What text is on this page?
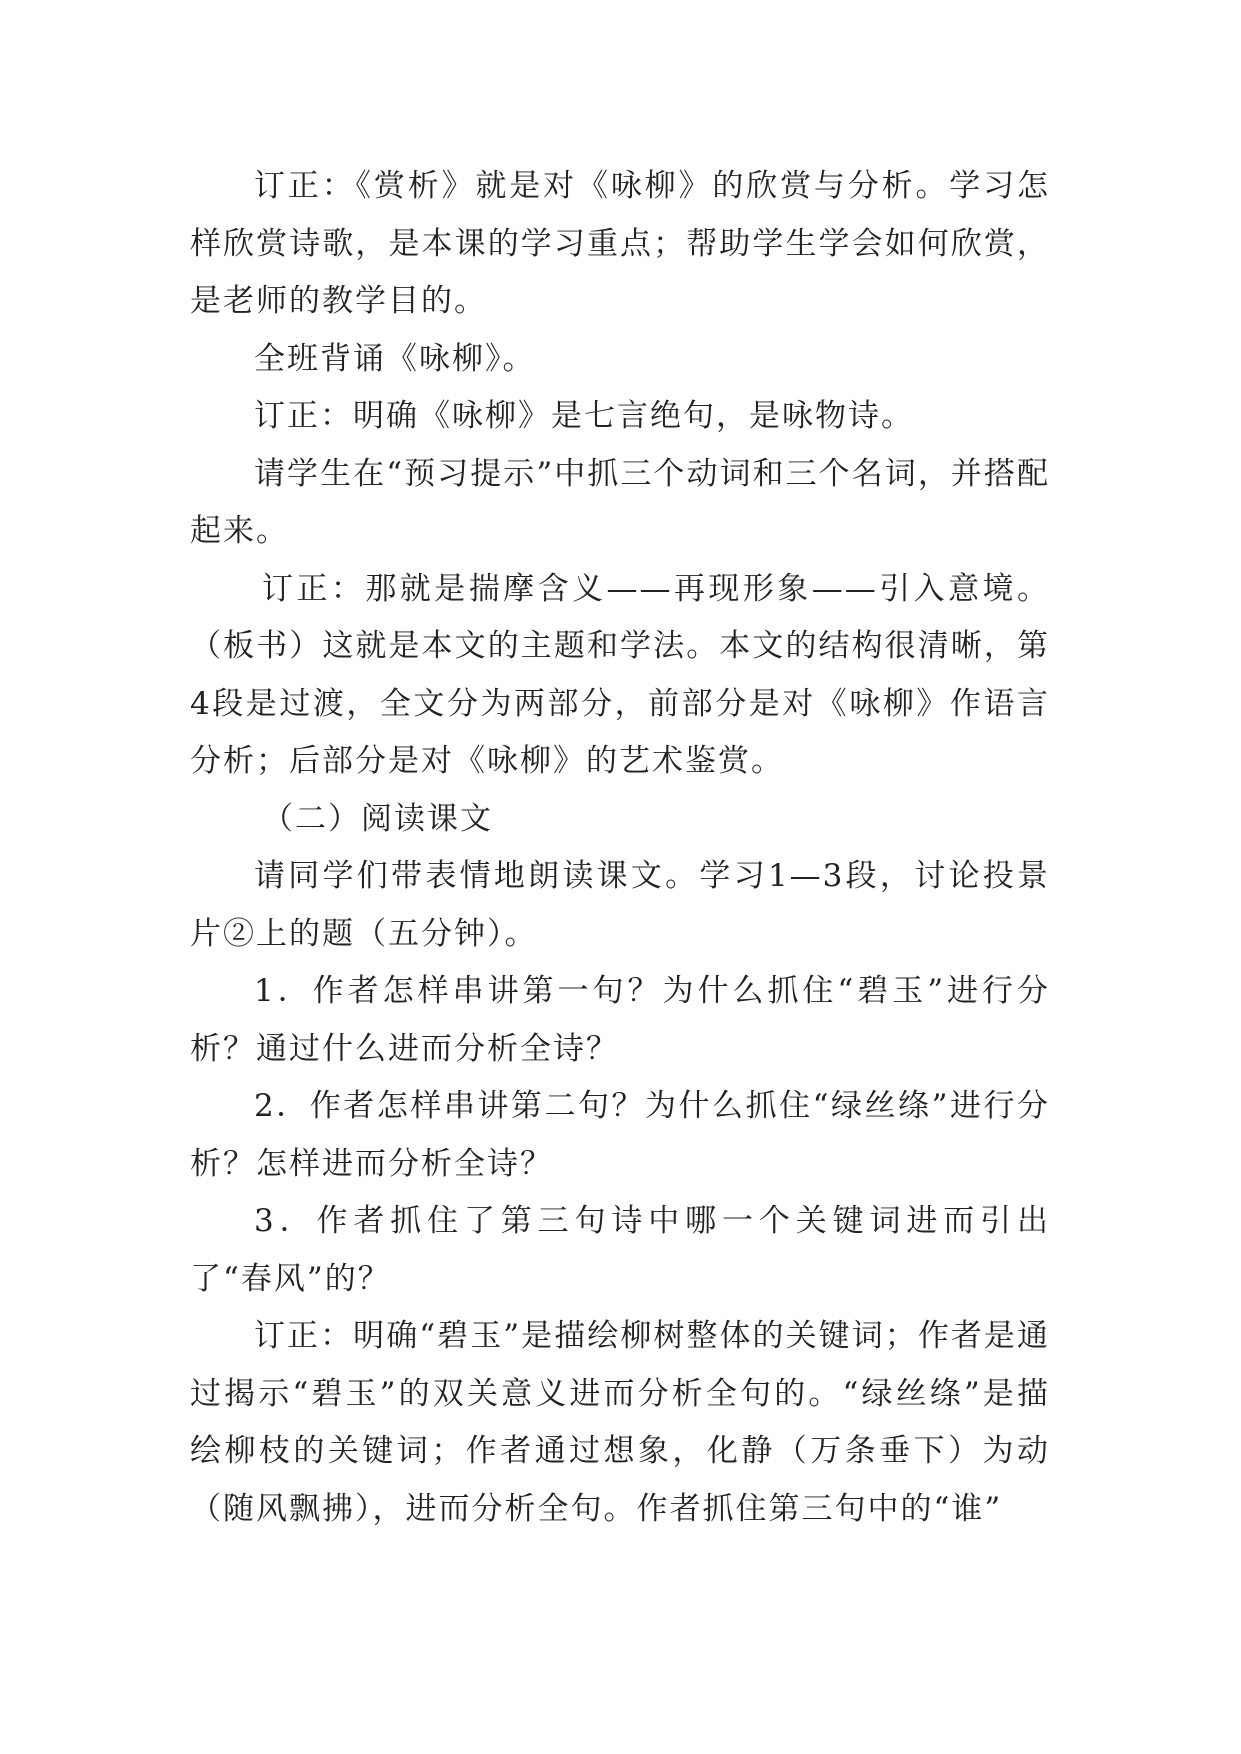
订正：《赏析》就是对《咏柳》的欣赏与分析。学习怎样欣赏诗歌，是本课的学习重点；帮助学生学会如何欣赏，是老师的教学目的。

全班背诵《咏柳》。

订正：明确《咏柳》是七言绝句，是咏物诗。

请学生在“预习提示”中抓三个动词和三个名词，并搭配起来。

订正：那就是揣摩含义——再现形象——引入意境。（板书）这就是本文的主题和学法。本文的结构很清晰，第4段是过渡，全文分为两部分，前部分是对《咏柳》作语言分析；后部分是对《咏柳》的艺术鉴赏。

（二）阅读课文

请同学们带表情地朗读课文。学习1—3段，讨论投景片②上的题（五分钟）。

1．作者怎样串讲第一句？为什么抓住“碧玉”进行分析？通过什么进而分析全诗？

2．作者怎样串讲第二句？为什么抓住“绿丝绦”进行分析？怎样进而分析全诗？

3．作者抓住了第三句诗中哪一个关键词进而引出了“春风”的？

订正：明确“碧玉”是描绘柳树整体的关键词；作者是通过揭示“碧玉”的双关意义进而分析全句的。“绿丝绦”是描绘柳枝的关键词；作者通过想象，化静（万条垂下）为动（随风飘拂），进而分析全句。作者抓住第三句中的“谁”
